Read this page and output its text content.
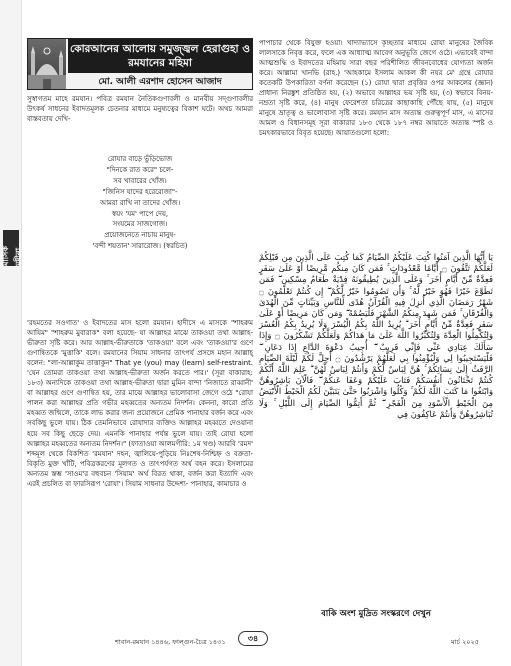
মাসিক মদীনা
কোরআনের আলোয় সমুজ্জ্বল হেরাগুহা ও রমযানের মহিমা
মো. আলী এরশাদ হোসেন আজাদ
সুস্বাগতম মাহে রমযান। পবিত্র রমযান নৈতিকগুণাবলী ও মানবীয় সদ্গুণাবলীর উৎকর্ষ সাধনের ইবাদতমূলক চেতনার মাধ্যমে মনুষ্যত্বের বিকাশ ঘটে। অথচ আমরা বাস্তবতায় দেখি-
রোযার বাড়ে ভুঁড়িভোজ
"দিনকে রাত করে" চলে-
সব খাবারের খোঁজ।
"জিনিস যাদের হরেরোজা"-
আমরা রাখি না তাদের খোঁজ।
স্বয়ং 'যম' পাপে দেয়,
সংযমের সাজগোজ।
প্রয়োজনেতে নাচায় মানুষ-
'বন্দী শয়তান' সারারোজ। (স্বরচিত)
'রহমতের সওগাত' ও ইবাদতের মাস হলো রমযান। হাদীসে এ মাসকে "শাহরুম আযিম" "শাহরুম মুবারাক" বলা হয়েছে- যা আল্লাহর মাঝে তাকওয়া তথা আল্লাহ-ভীরুতা সৃষ্টি করে। আর আল্লাহ-ভীরুতাকে 'তাকওয়া' বলে এবং 'তাকওয়া'র গুণে গুণান্বিতকে 'মুত্তাকি' বলে। রমযানের সিয়াম সাধনার তাৎপর্য প্রসঙ্গে মহান আল্লাহ্ বলেন: "লা-আল্লাকুম তাত্তাকুন" That ye (you) may (learn) self-restraint. 'যেন তোমরা তাকওয়া তথা আল্লাহ-ভীরুতা অর্জন করতে পার।' (সূরা বাকারাহ: ১৮৩) অন্যদিকে তাকওয়া তথা আল্লাহ-ভীরুতা দ্বারা মুমিন বান্দা 'নিজাতে রাব্বানী' বা আল্লাহর গুণে গুণান্বিত হয়, তার মাঝে আল্লাহর ভালোবাসা জেগে ওঠে "রোযা পালন করা আল্লাহর প্রতি গভীর মহব্বতের অন্যতম নিদর্শন। কেননা, কারো প্রতি মহব্বত জন্মিলে, তাকে লাভ করার জন্য প্রয়োজনে প্রেমিক পানাহার বর্জন করে এবং সবকিছু ভুলে যায়। ঠিক তেমনিভাবে রোযাদার ব্যক্তিও আল্লাহর মহব্বতে দেওয়ানা হয়ে সব কিছু ছেড়ে দেয়। এমনকি পানাহার পর্যন্ত ভুলে যায়। তাই রোযা হলো আল্লাহর মহব্বতের অন্যতম নিদর্শন।" (ফাতাওয়া আলমগীরি: ১ম খণ্ড) আরবি 'রমদ' শব্দমূল থেকে বিকশিত 'রমযান' দহন, জ্বালিয়ে-পুড়িয়ে নিঃশেষ-নিশ্চিহ্ন ও বক্রতা-বিকৃতি মুক্ত খাঁটি, পবিত্রকরণের মূলগত ও তাৎপর্যগত অর্থ বহন করে। ইসলামের অন্যতম স্তম্ভ 'সাওম'র বহুবচন 'সিয়াম' অর্থ বিরত থাকা, বর্জন করা ইত্যাদি এবং এরই প্রচলিত বা ফারসিরূপ 'রোযা'। সিয়াম সাধনার উদ্দেশ্য- পানাহার, কামাচার ও
পাপাচার থেকে বিযুক্ত হওয়া। খাদ্যাভ্যাসে কৃচ্ছতার মাধ্যমে রোযা মানুষের জৈবিক লালসাকে নিবৃত্ত করে, ফলে এক আধ্যাত্ম আবেগ অনুভূতি জেগে ওঠে। এভাবেই বান্দা আত্মশুদ্ধি ও ইবাদতের মহিমায় সারা বছর পরিশীলিত জীবনবোধের যোগ্যতা অর্জন করে। আল্লামা খানভি (রাহ.) 'আহকামে ইসলাম আকল কী নযর মে' গ্রন্থে রোযার কতেকটি উপকারিতা বর্ণনা করেছেন (১) রোযা দ্বারা প্রবৃত্তির ওপর আকলের (জ্ঞান) প্রাধান্য নিরঙ্কুশ প্রতিষ্ঠিত হয়, (২) অভাবে আল্লাহর ভয় সৃষ্টি হয়, (৩) স্বভাবে বিনয়-নম্রতা সৃষ্টি করে, (৪) মানুষ ফেরেশতা চরিত্রের কাছাকাছি পৌঁছে যায়, (৫) মানুষে মানুষে ভ্রাতৃত্ব ও ভালোবাসা সৃষ্টি করে। রমযান মাস অত্যন্ত গুরুত্বপূর্ণ মাস, এ মাসের আমল ও বিধানসমূহ সূরা বাকারার ১৮৩ থেকে ১৮৭ নম্বর আয়াতে অত্যন্ত স্পষ্ট ও চমৎকারভাবে বিবৃত হয়েছে। আয়াতগুলো হলো:
يَا أَيُّهَا الَّذِينَ آمَنُوا كُتِبَ عَلَيْكُمُ الصِّيَامُ كَمَا كُتِبَ عَلَى الَّذِينَ مِن قَبْلِكُمْ لَعَلَّكُمْ تَتَّقُونَ ۝ أَيَّامًا مَّعْدُودَاتٍ ۚ فَمَن كَانَ مِنكُم مَّرِيضًا أَوْ عَلَىٰ سَفَرٍ فَعِدَّةٌ مِّنْ أَيَّامٍ أُخَرَ ۚ وَعَلَى الَّذِينَ يُطِيقُونَهُ فِدْيَةٌ طَعَامُ مِسْكِينٍ ۖ فَمَن تَطَوَّعَ خَيْرًا فَهُوَ خَيْرٌ لَّهُ ۚ وَأَن تَصُومُوا خَيْرٌ لَّكُمْ ۖ إِن كُنتُمْ تَعْلَمُونَ ۝ شَهْرُ رَمَضَانَ الَّذِي أُنزِلَ فِيهِ الْقُرْآنُ هُدًى لِّلنَّاسِ وَبَيِّنَاتٍ مِّنَ الْهُدَىٰ وَالْفُرْقَانِ ۚ فَمَن شَهِدَ مِنكُمُ الشَّهْرَ فَلْيَصُمْهُ ۖ وَمَن كَانَ مَرِيضًا أَوْ عَلَىٰ سَفَرٍ فَعِدَّةٌ مِّنْ أَيَّامٍ أُخَرَ ۗ يُرِيدُ اللَّهُ بِكُمُ الْيُسْرَ وَلَا يُرِيدُ بِكُمُ الْعُسْرَ وَلِتُكْمِلُوا الْعِدَّةَ وَلِتُكَبِّرُوا اللَّهَ عَلَىٰ مَا هَدَاكُمْ وَلَعَلَّكُمْ تَشْكُرُونَ ۝ وَإِذَا سَأَلَكَ عِبَادِي عَنِّي فَإِنِّي قَرِيبٌ ۖ أُجِيبُ دَعْوَةَ الدَّاعِ إِذَا دَعَانِ ۖ فَلْيَسْتَجِيبُوا لِي وَلْيُؤْمِنُوا بِي لَعَلَّهُمْ يَرْشُدُونَ ۝ أُحِلَّ لَكُمْ لَيْلَةَ الصِّيَامِ الرَّفَثُ إِلَىٰ نِسَائِكُمْ ۚ هُنَّ لِبَاسٌ لَّكُمْ وَأَنتُمْ لِبَاسٌ لَّهُنَّ ۗ عَلِمَ اللَّهُ أَنَّكُمْ كُنتُمْ تَخْتَانُونَ أَنفُسَكُمْ فَتَابَ عَلَيْكُمْ وَعَفَا عَنكُمْ ۖ فَالْآنَ بَاشِرُوهُنَّ وَابْتَغُوا مَا كَتَبَ اللَّهُ لَكُمْ ۚ وَكُلُوا وَاشْرَبُوا حَتَّىٰ يَتَبَيَّنَ لَكُمُ الْخَيْطُ الْأَبْيَضُ مِنَ الْخَيْطِ الْأَسْوَدِ مِنَ الْفَجْرِ ۖ ثُمَّ أَتِمُّوا الصِّيَامَ إِلَى اللَّيْلِ ۚ وَلَا تُبَاشِرُوهُنَّ وَأَنتُمْ عَاكِفُونَ فِي
বাকি অংশ মুদ্রিত সংস্করণে দেখুন
শাবান-রমযান ১৪৪৬, ফাল্গুন-চৈত্র ১৪৩১	৩৪	মার্চ ২০২৫
